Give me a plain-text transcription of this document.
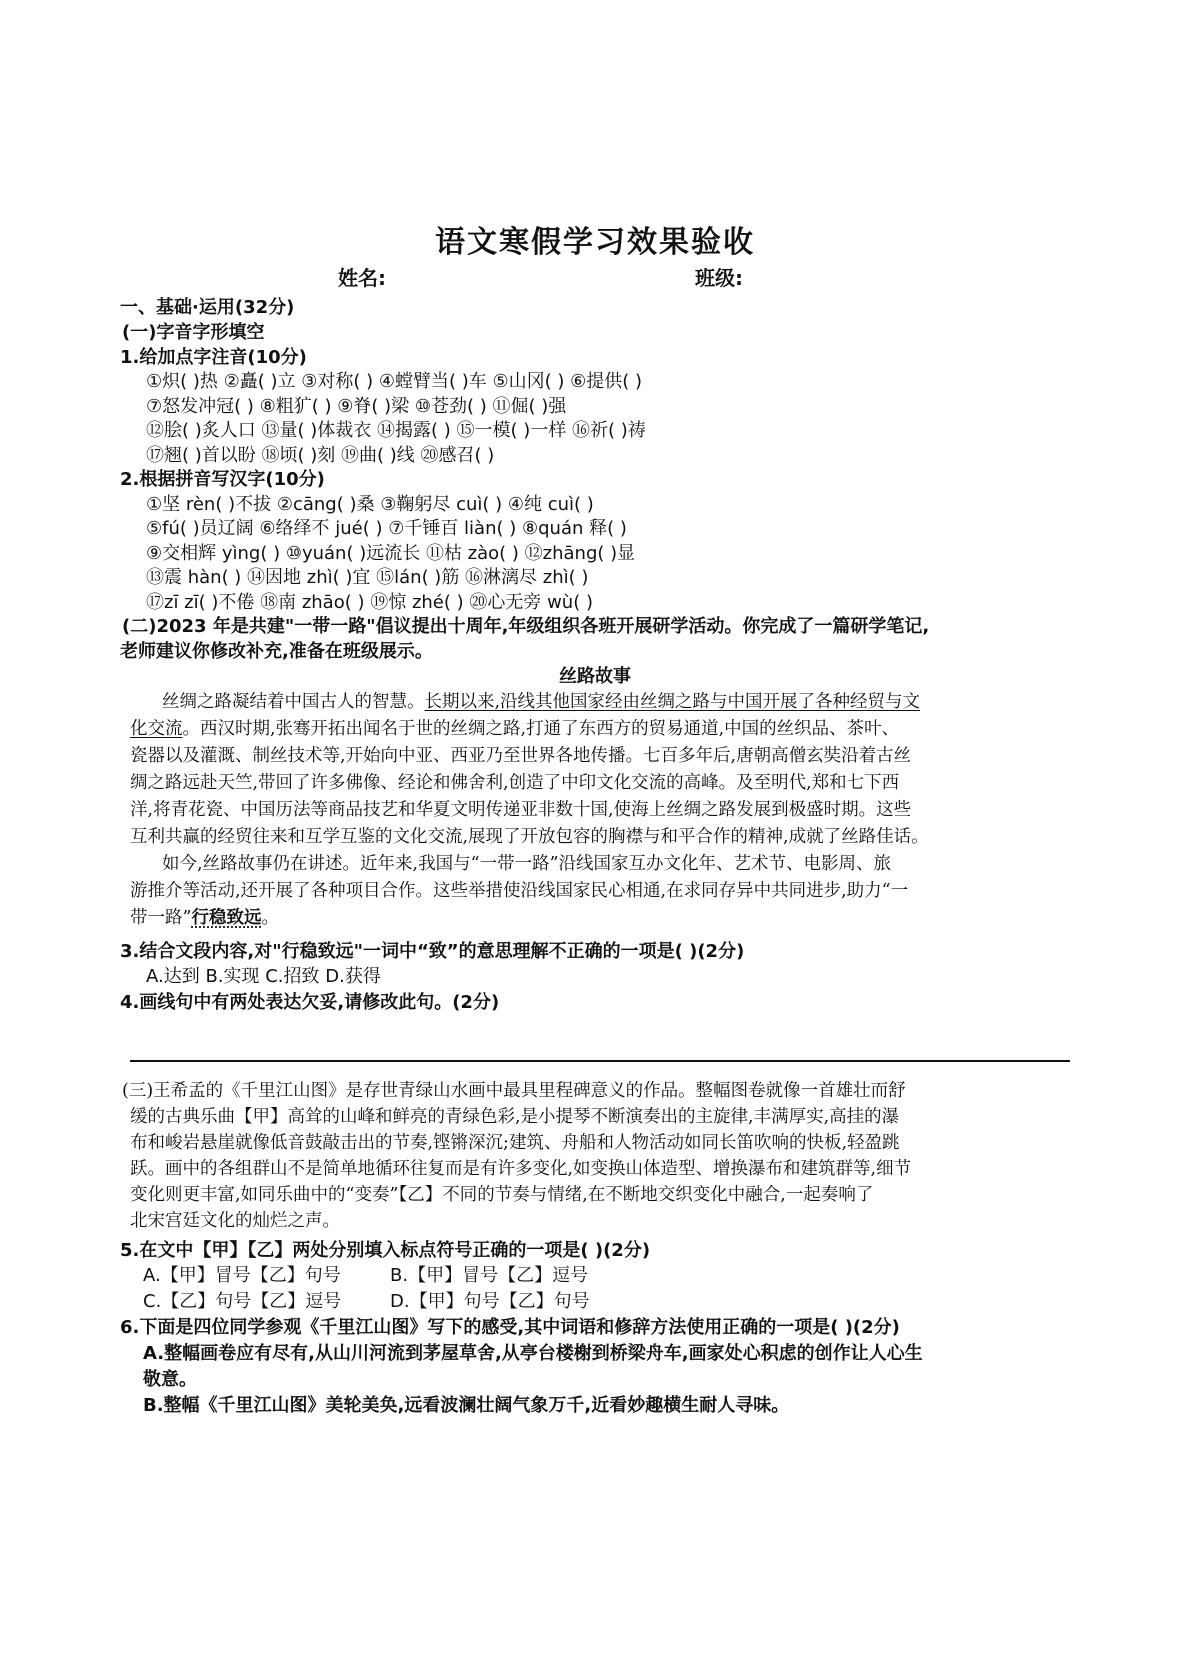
语文寒假学习效果验收
姓名:	班级:
一、基础·运用(32分)
(一)字音字形填空
1.给加点字注音(10分)
①炽( )热 ②矗( )立 ③对称( ) ④螳臂当( )车 ⑤山冈( ) ⑥提供( )
⑦怒发冲冠( ) ⑧粗犷( ) ⑨脊( )梁 ⑩苍劲( ) ⑪倔( )强
⑫脍( )炙人口 ⑬量( )体裁衣 ⑭揭露( ) ⑮一模( )一样 ⑯祈( )祷
⑰翘( )首以盼 ⑱顷( )刻 ⑲曲( )线 ⑳感召( )
2.根据拼音写汉字(10分)
①坚 rèn( )不拔 ②cāng( )桑 ③鞠躬尽 cuì( ) ④纯 cuì( )
⑤fú( )员辽阔 ⑥络绎不 jué( ) ⑦千锤百 liàn( ) ⑧quán 释( )
⑨交相辉 yìng( ) ⑩yuán( )远流长 ⑪枯 zào( ) ⑫zhāng( )显
⑬震 hàn( ) ⑭因地 zhì( )宜 ⑮lán( )筋 ⑯淋漓尽 zhì( )
⑰zī zī( )不倦 ⑱南 zhāo( ) ⑲惊 zhé( ) ⑳心无旁 wù( )
(二)2023 年是共建"一带一路"倡议提出十周年,年级组织各班开展研学活动。你完成了一篇研学笔记,
老师建议你修改补充,准备在班级展示。
丝路故事
丝绸之路凝结着中国古人的智慧。长期以来,沿线其他国家经由丝绸之路与中国开展了各种经贸与文
化交流。西汉时期,张骞开拓出闻名于世的丝绸之路,打通了东西方的贸易通道,中国的丝织品、茶叶、
瓷器以及灌溉、制丝技术等,开始向中亚、西亚乃至世界各地传播。七百多年后,唐朝高僧玄奘沿着古丝
绸之路远赴天竺,带回了许多佛像、经论和佛舍利,创造了中印文化交流的高峰。及至明代,郑和七下西
洋,将青花瓷、中国历法等商品技艺和华夏文明传递亚非数十国,使海上丝绸之路发展到极盛时期。这些
互利共赢的经贸往来和互学互鉴的文化交流,展现了开放包容的胸襟与和平合作的精神,成就了丝路佳话。
如今,丝路故事仍在讲述。近年来,我国与“一带一路”沿线国家互办文化年、艺术节、电影周、旅
游推介等活动,还开展了各种项目合作。这些举措使沿线国家民心相通,在求同存异中共同进步,助力“一
带一路”行稳致远。
3.结合文段内容,对"行稳致远"一词中“致”的意思理解不正确的一项是( )(2分)
A.达到 B.实现 C.招致 D.获得
4.画线句中有两处表达欠妥,请修改此句。(2分)
(三)王希孟的《千里江山图》是存世青绿山水画中最具里程碑意义的作品。整幅图卷就像一首雄壮而舒
缓的古典乐曲【甲】高耸的山峰和鲜亮的青绿色彩,是小提琴不断演奏出的主旋律,丰满厚实,高挂的瀑
布和峻岩悬崖就像低音鼓敲击出的节奏,铿锵深沉;建筑、舟船和人物活动如同长笛吹响的快板,轻盈跳
跃。画中的各组群山不是简单地循环往复而是有许多变化,如变换山体造型、增换瀑布和建筑群等,细节
变化则更丰富,如同乐曲中的“变奏”【乙】不同的节奏与情绪,在不断地交织变化中融合,一起奏响了
北宋宫廷文化的灿烂之声。
5.在文中【甲】【乙】两处分别填入标点符号正确的一项是( )(2分)
A.【甲】冒号【乙】句号	B.【甲】冒号【乙】逗号
C.【乙】句号【乙】逗号	D.【甲】句号【乙】句号
6.下面是四位同学参观《千里江山图》写下的感受,其中词语和修辞方法使用正确的一项是( )(2分)
A.整幅画卷应有尽有,从山川河流到茅屋草舍,从亭台楼榭到桥梁舟车,画家处心积虑的创作让人心生
敬意。
B.整幅《千里江山图》美轮美奂,远看波澜壮阔气象万千,近看妙趣横生耐人寻味。
